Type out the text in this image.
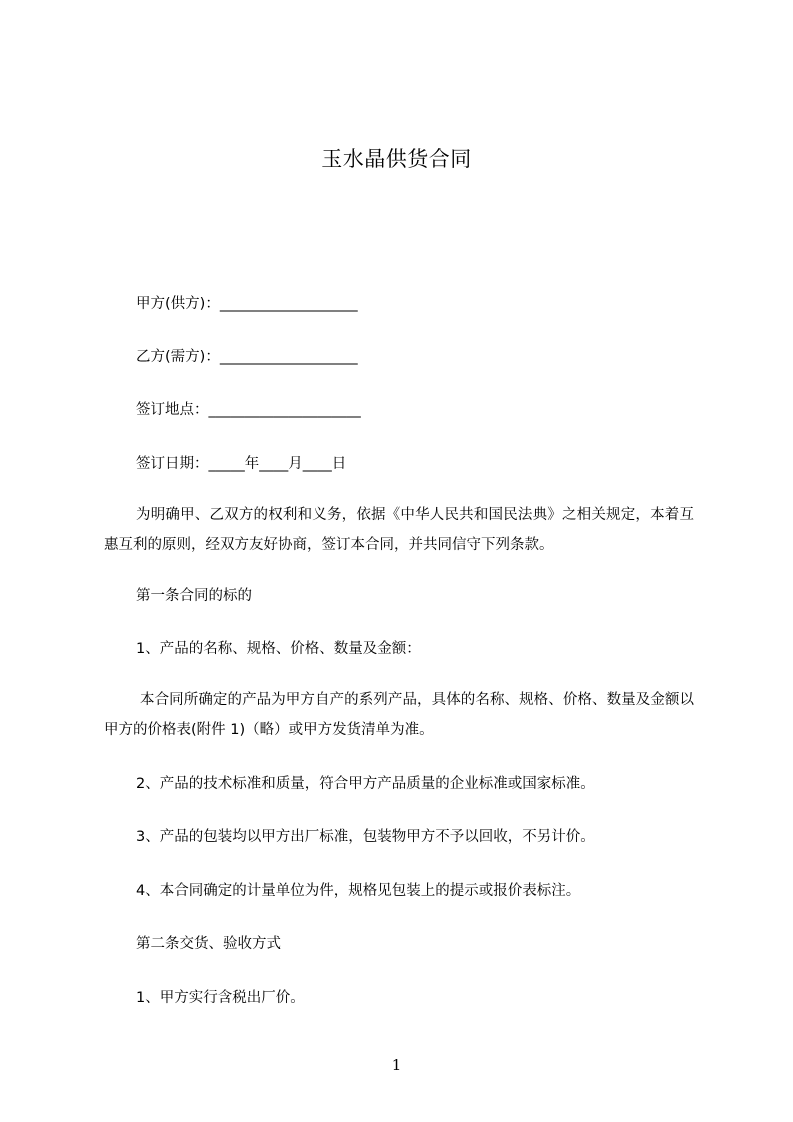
玉水晶供货合同
甲方(供方)：___________________
乙方(需方)：___________________
签订地点：_____________________
签订日期：_____年____月____日
为明确甲、乙双方的权利和义务，依据《中华人民共和国民法典》之相关规定，本着互惠互利的原则，经双方友好协商，签订本合同，并共同信守下列条款。
第一条合同的标的
1、产品的名称、规格、价格、数量及金额：
本合同所确定的产品为甲方自产的系列产品，具体的名称、规格、价格、数量及金额以甲方的价格表(附件 1)（略）或甲方发货清单为准。
2、产品的技术标准和质量，符合甲方产品质量的企业标准或国家标准。
3、产品的包装均以甲方出厂标准，包装物甲方不予以回收，不另计价。
4、本合同确定的计量单位为件，规格见包装上的提示或报价表标注。
第二条交货、验收方式
1、甲方实行含税出厂价。
1
